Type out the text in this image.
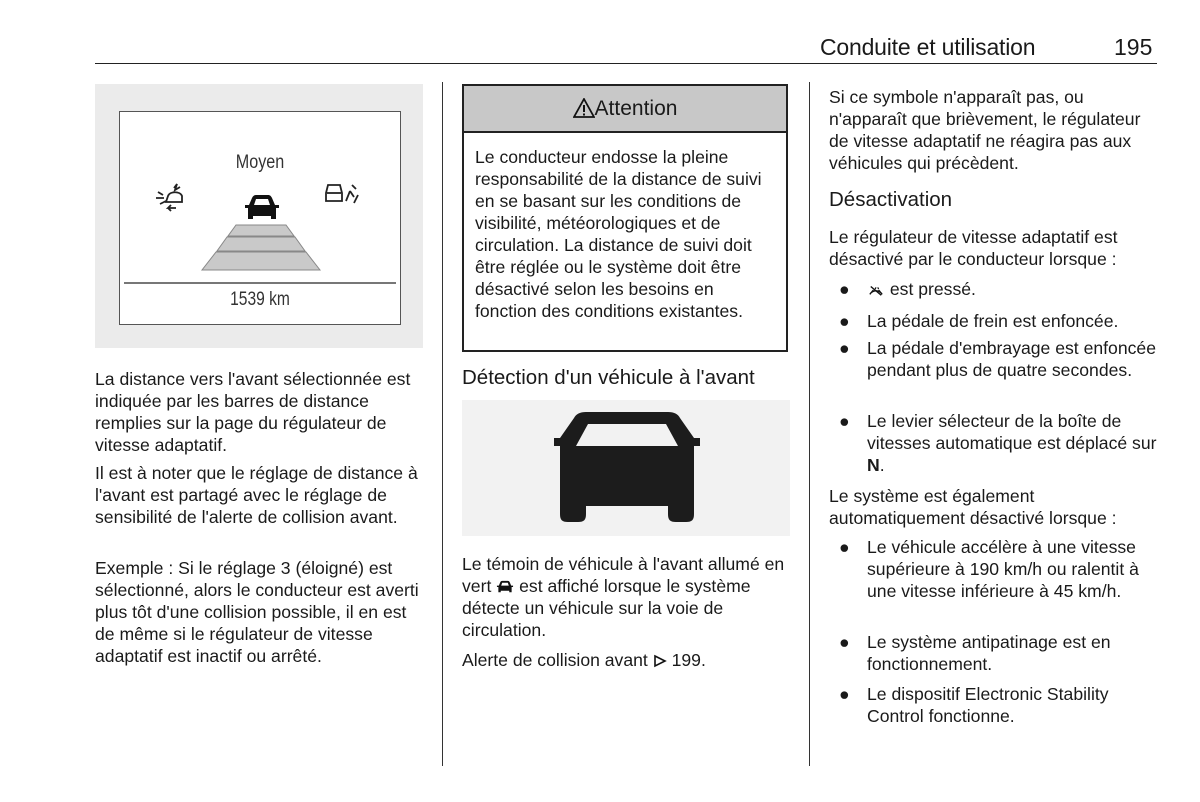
Conduite et utilisation	195
Moyen
1539 km

La distance vers l'avant sélectionnée est indiquée par les barres de distance remplies sur la page du régulateur de vitesse adaptatif.

Il est à noter que le réglage de distance à l'avant est partagé avec le réglage de sensibilité de l'alerte de collision avant.

Exemple : Si le réglage 3 (éloigné) est sélectionné, alors le conducteur est averti plus tôt d'une collision possible, il en est de même si le régulateur de vitesse adaptatif est inactif ou arrêté.

Attention
Le conducteur endosse la pleine responsabilité de la distance de suivi en se basant sur les conditions de visibilité, météorologiques et de circulation. La distance de suivi doit être réglée ou le système doit être désactivé selon les besoins en fonction des conditions existantes.
Détection d'un véhicule à l'avant

Le témoin de véhicule à l'avant allumé en vert  est affiché lorsque le système détecte un véhicule sur la voie de circulation.

Alerte de collision avant  199.

Si ce symbole n'apparaît pas, ou n'apparaît que brièvement, le régulateur de vitesse adaptatif ne réagira pas aux véhicules qui précèdent.

Désactivation

Le régulateur de vitesse adaptatif est désactivé par le conducteur lorsque :

● est pressé.
● La pédale de frein est enfoncée.
● La pédale d'embrayage est enfoncée pendant plus de quatre secondes.
● Le levier sélecteur de la boîte de vitesses automatique est déplacé sur N.

Le système est également automatiquement désactivé lorsque :

● Le véhicule accélère à une vitesse supérieure à 190 km/h ou ralentit à une vitesse inférieure à 45 km/h.
● Le système antipatinage est en fonctionnement.
● Le dispositif Electronic Stability Control fonctionne.
